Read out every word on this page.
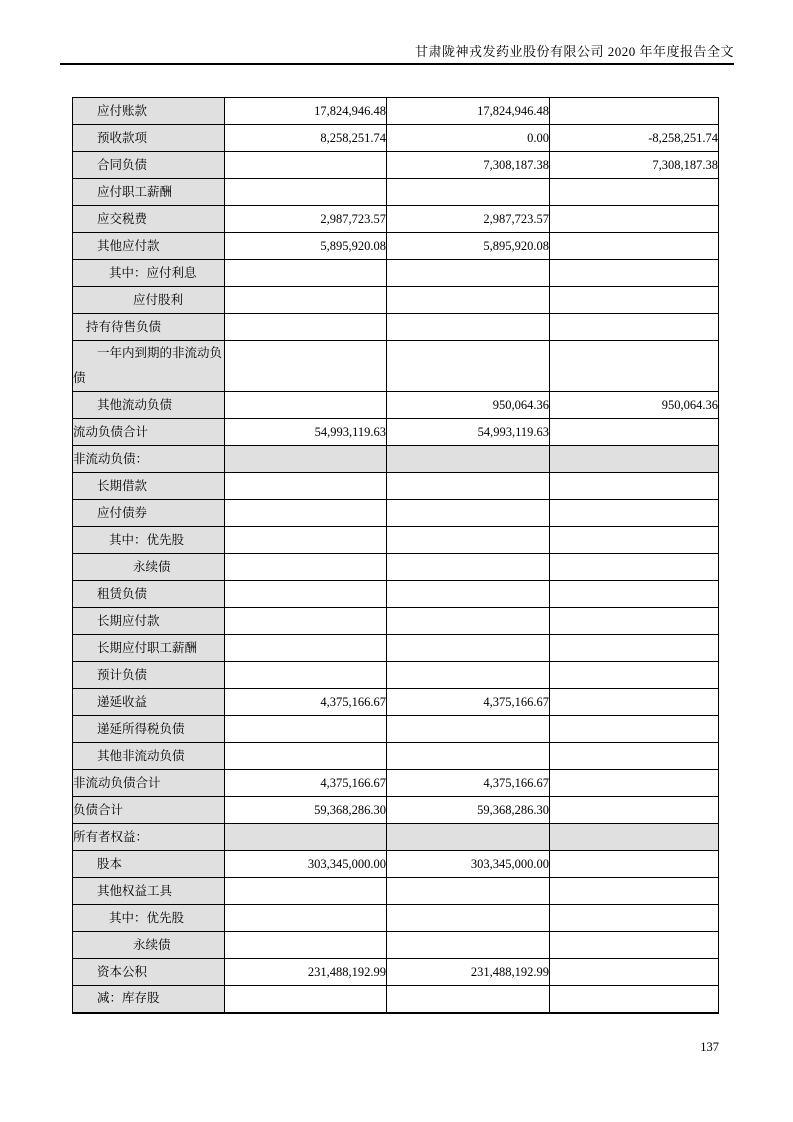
甘肃陇神戎发药业股份有限公司 2020 年年度报告全文
应付账款	17,824,946.48	17,824,946.48	
预收款项	8,258,251.74	0.00	-8,258,251.74
合同负债		7,308,187.38	7,308,187.38
应付职工薪酬			
应交税费	2,987,723.57	2,987,723.57	
其他应付款	5,895,920.08	5,895,920.08	
其中：应付利息			
应付股利			
持有待售负债			
一年内到期的非流动负债			
其他流动负债		950,064.36	950,064.36
流动负债合计	54,993,119.63	54,993,119.63	
非流动负债：			
长期借款			
应付债券			
其中：优先股			
永续债			
租赁负债			
长期应付款			
长期应付职工薪酬			
预计负债			
递延收益	4,375,166.67	4,375,166.67	
递延所得税负债			
其他非流动负债			
非流动负债合计	4,375,166.67	4,375,166.67	
负债合计	59,368,286.30	59,368,286.30	
所有者权益：			
股本	303,345,000.00	303,345,000.00	
其他权益工具			
其中：优先股			
永续债			
资本公积	231,488,192.99	231,488,192.99	
减：库存股			
137
